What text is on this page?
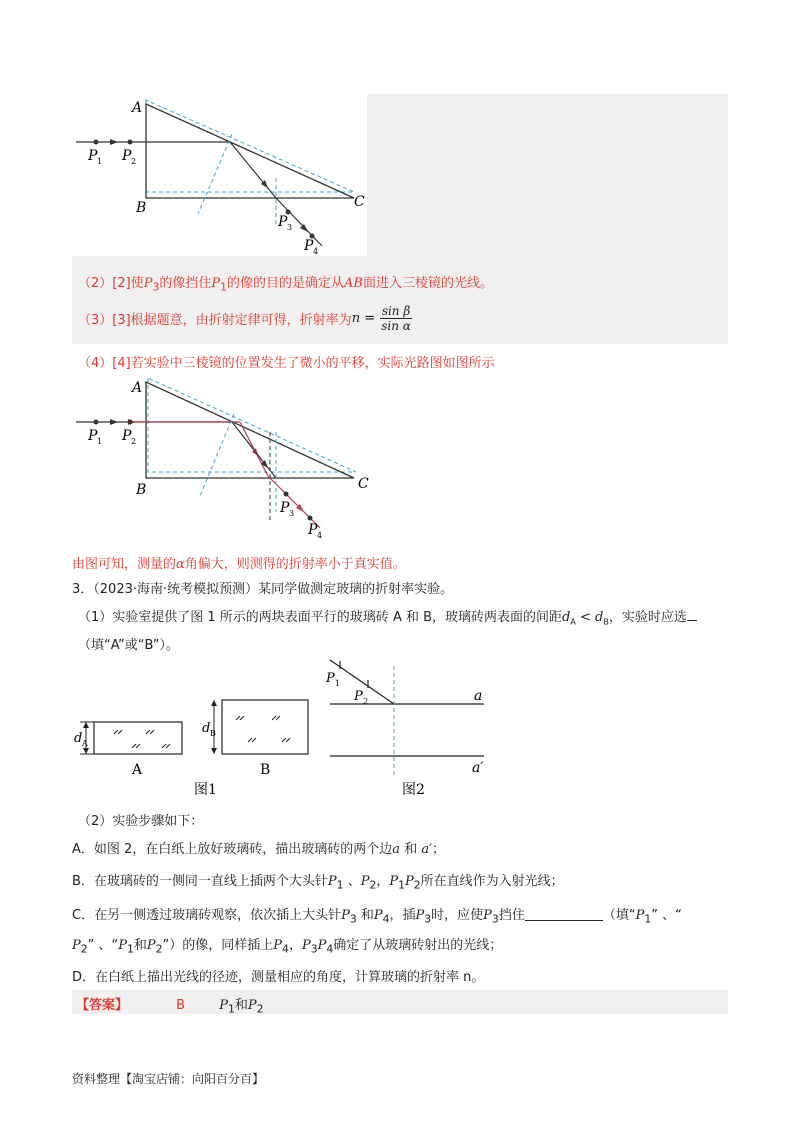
A
B	C
P 1 P 2
P 3
P 4
（2）[2]使$P_3$的像挡住$P_1$的像的目的是确定从AB面进入三棱镜的光线。
（3）[3]根据题意，由折射定律可得，折射率为$n = \frac{\text{sin β}}{\text{sin α}}$
（4）[4]若实验中三棱镜的位置发生了微小的平移，实际光路图如图所示
A
B	C
P 1 P 2
P 3
P 4
由图可知，测量的α角偏大，则测得的折射率小于真实值。
3．（2023·海南·统考模拟预测）某同学做测定玻璃的折射率实验。
（1）实验室提供了图 1 所示的两块表面平行的玻璃砖 A 和 B，玻璃砖两表面的间距$d_A < d_B$，实验时应选
（填“A”或“B”）。
d A
A
d B
B
图1
P 1
P 2	a
a′
图2
（2）实验步骤如下：
A．如图 2，在白纸上放好玻璃砖，描出玻璃砖的两个边a 和 a′；
B．在玻璃砖的一侧同一直线上插两个大头针$P_1$ 、$P_2$，$P_1P_2$所在直线作为入射光线；
C．在另一侧透过玻璃砖观察，依次插上大头针$P_3$ 和$P_4$，插$P_3$时，应使$P_3$挡住	（填“$P_1$” 、“
$P_2$” 、“$P_1$和$P_2$”）的像，同样插上$P_4$，$P_3P_4$确定了从玻璃砖射出的光线；
D．在白纸上描出光线的径迹，测量相应的角度，计算玻璃的折射率 n。
【答案】	B	$P_1$和$P_2$
资料整理【淘宝店铺：向阳百分百】
